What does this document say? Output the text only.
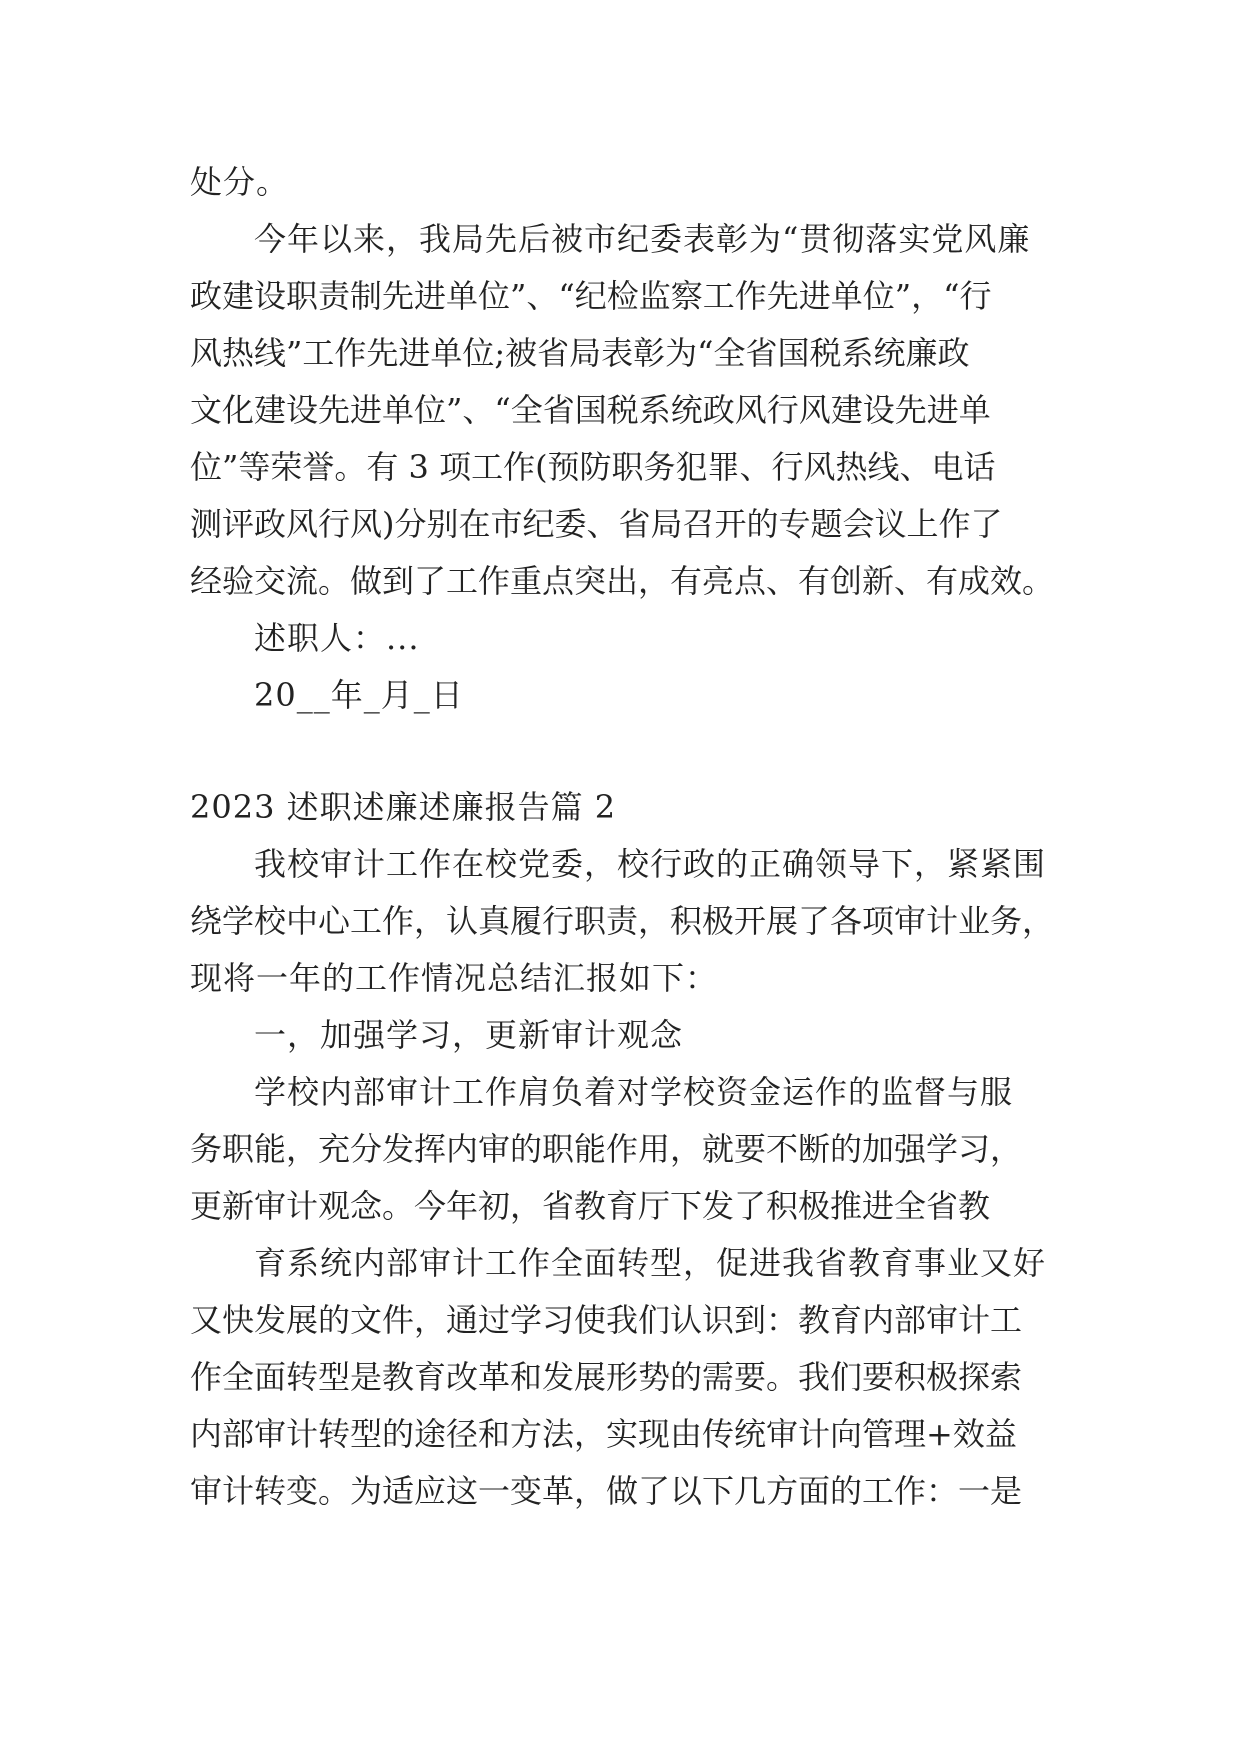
处分。
今年以来，我局先后被市纪委表彰为“贯彻落实党风廉
政建设职责制先进单位”、“纪检监察工作先进单位”，“行
风热线”工作先进单位;被省局表彰为“全省国税系统廉政
文化建设先进单位”、“全省国税系统政风行风建设先进单
位”等荣誉。有 3 项工作(预防职务犯罪、行风热线、电话
测评政风行风)分别在市纪委、省局召开的专题会议上作了
经验交流。做到了工作重点突出，有亮点、有创新、有成效。
述职人：...
20__年_月_日
2023 述职述廉述廉报告篇 2
我校审计工作在校党委，校行政的正确领导下，紧紧围
绕学校中心工作，认真履行职责，积极开展了各项审计业务，
现将一年的工作情况总结汇报如下：
一，加强学习，更新审计观念
学校内部审计工作肩负着对学校资金运作的监督与服
务职能，充分发挥内审的职能作用，就要不断的加强学习，
更新审计观念。今年初，省教育厅下发了积极推进全省教
育系统内部审计工作全面转型，促进我省教育事业又好
又快发展的文件，通过学习使我们认识到：教育内部审计工
作全面转型是教育改革和发展形势的需要。我们要积极探索
内部审计转型的途径和方法，实现由传统审计向管理+效益
审计转变。为适应这一变革，做了以下几方面的工作：一是
